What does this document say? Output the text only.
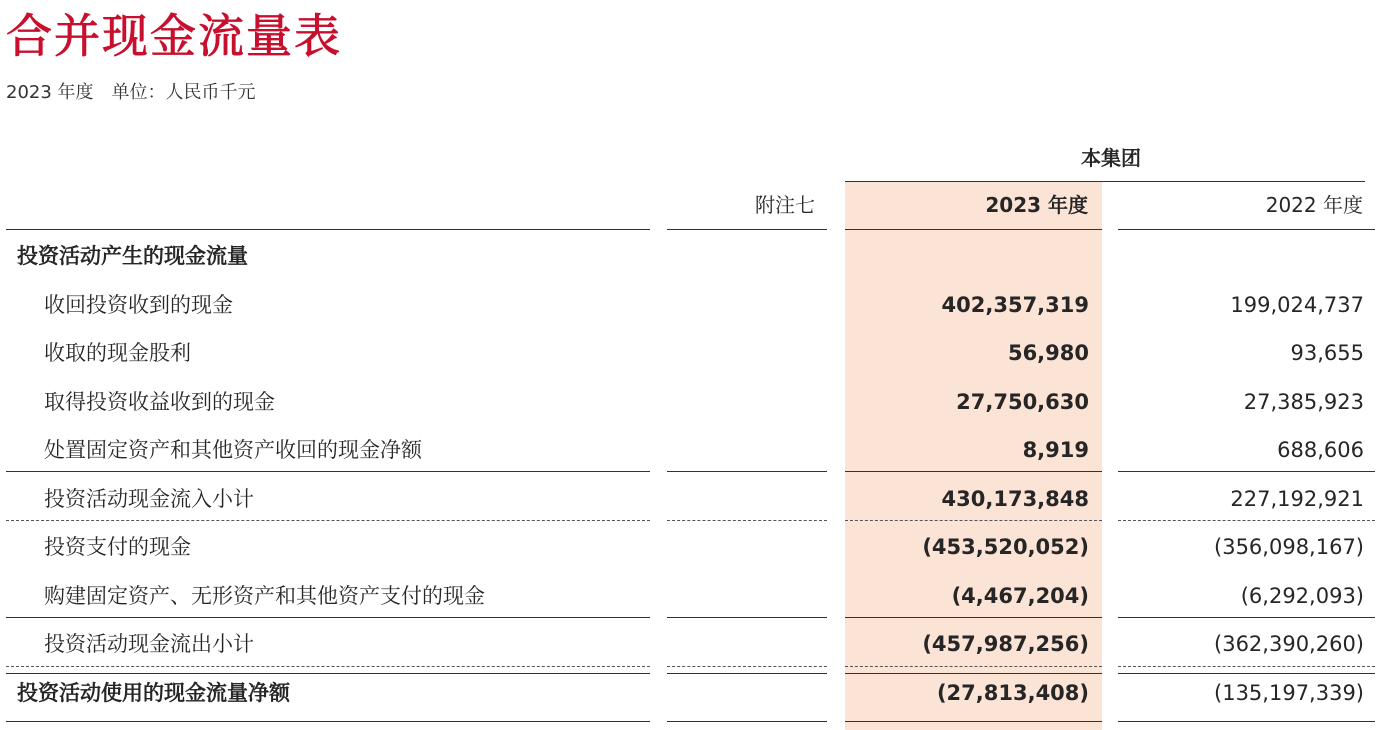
合并现金流量表
2023 年度 单位：人民币千元
本集团
附注七	2023 年度	2022 年度
投资活动产生的现金流量
收回投资收到的现金	402,357,319	199,024,737
收取的现金股利	56,980	93,655
取得投资收益收到的现金	27,750,630	27,385,923
处置固定资产和其他资产收回的现金净额	8,919	688,606
投资活动现金流入小计	430,173,848	227,192,921
投资支付的现金	(453,520,052)	(356,098,167)
购建固定资产、无形资产和其他资产支付的现金	(4,467,204)	(6,292,093)
投资活动现金流出小计	(457,987,256)	(362,390,260)
投资活动使用的现金流量净额	(27,813,408)	(135,197,339)
